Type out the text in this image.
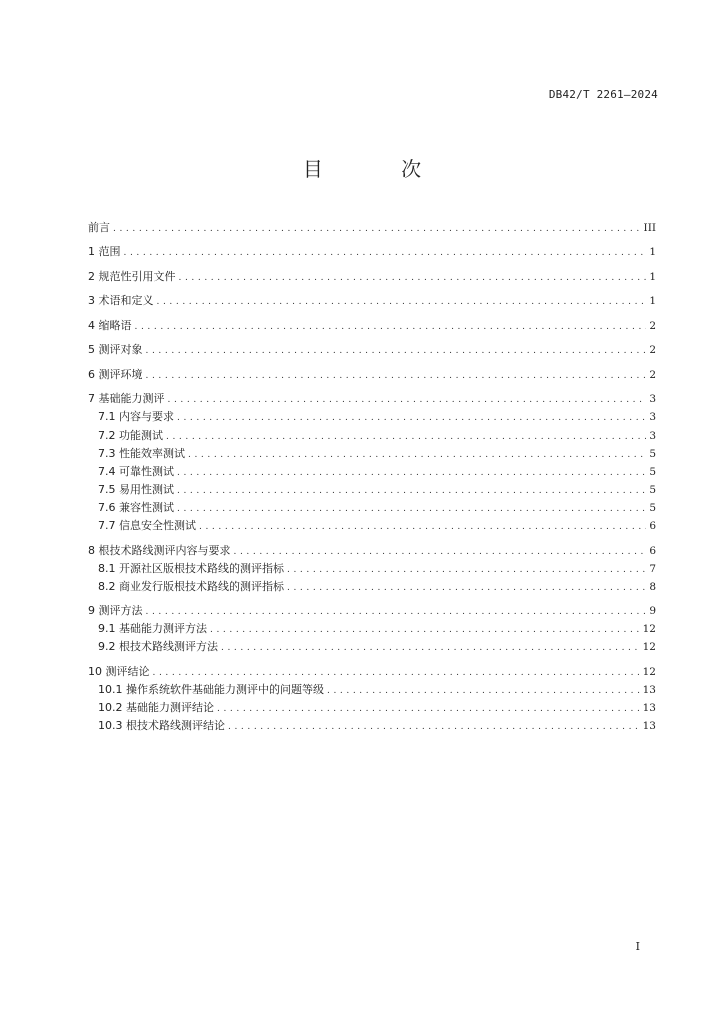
DB42/T 2261—2024
目 次
前言 .....	III
1 范围 .....	1
2 规范性引用文件 .....	1
3 术语和定义 .....	1
4 缩略语 .....	2
5 测评对象 .....	2
6 测评环境 .....	2
7 基础能力测评 .....	3
7.1 内容与要求 .....	3
7.2 功能测试 .....	3
7.3 性能效率测试 .....	5
7.4 可靠性测试 .....	5
7.5 易用性测试 .....	5
7.6 兼容性测试 .....	5
7.7 信息安全性测试 .....	6
8 根技术路线测评内容与要求 .....	6
8.1 开源社区版根技术路线的测评指标 .....	7
8.2 商业发行版根技术路线的测评指标 .....	8
9 测评方法 .....	9
9.1 基础能力测评方法 .....	12
9.2 根技术路线测评方法 .....	12
10 测评结论 .....	12
10.1 操作系统软件基础能力测评中的问题等级 .....	13
10.2 基础能力测评结论 .....	13
10.3 根技术路线测评结论 .....	13
I
